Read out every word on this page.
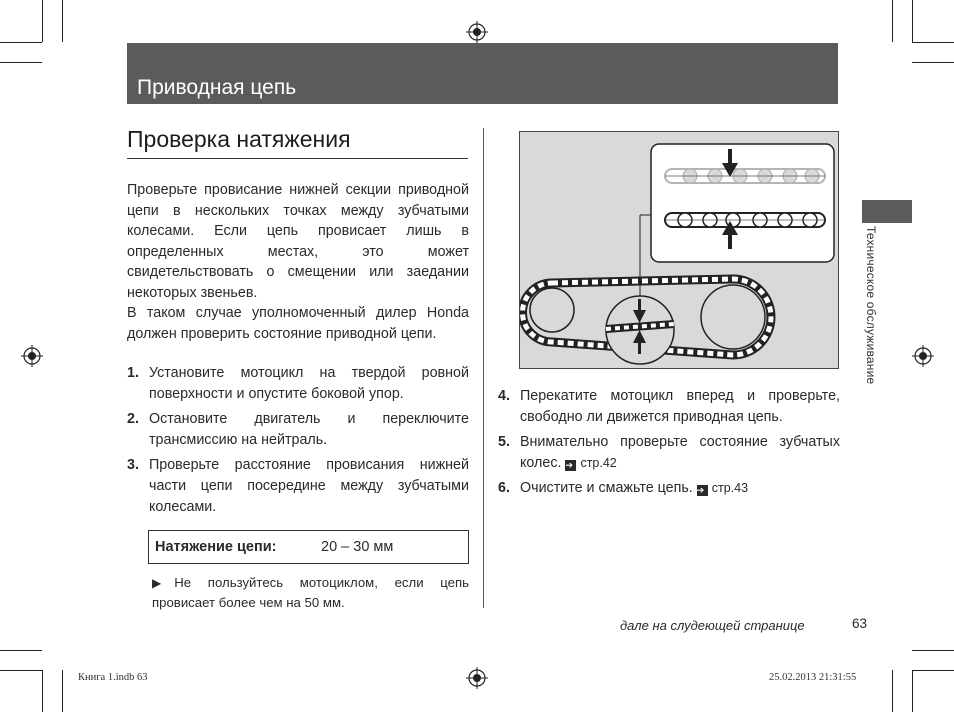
Приводная цепь
Проверка натяжения
Проверьте провисание нижней секции приводной цепи в нескольких точках между зубчатыми колесами. Если цепь провисает лишь в определенных местах, это может свидетельствовать о смещении или заедании некоторых звеньев.
В таком случае уполномоченный дилер Honda должен проверить состояние приводной цепи.
1. Установите мотоцикл на твердой ровной поверхности и опустите боковой упор.
2. Остановите двигатель и переключите трансмиссию на нейтраль.
3. Проверьте расстояние провисания нижней части цепи посередине между зубчатыми колесами.
Натяжение цепи:	20 – 30 мм
▶Не пользуйтесь мотоциклом, если цепь провисает более чем на 50 мм.
4. Перекатите мотоцикл вперед и проверьте, свободно ли движется приводная цепь.
5. Внимательно проверьте состояние зубчатых колес. ➔ стр.42
6. Очистите и смажьте цепь. ➔ стр.43
Техническое обслуживание
дале на слудеющей странице	63
Книга 1.indb 63	25.02.2013 21:31:55
